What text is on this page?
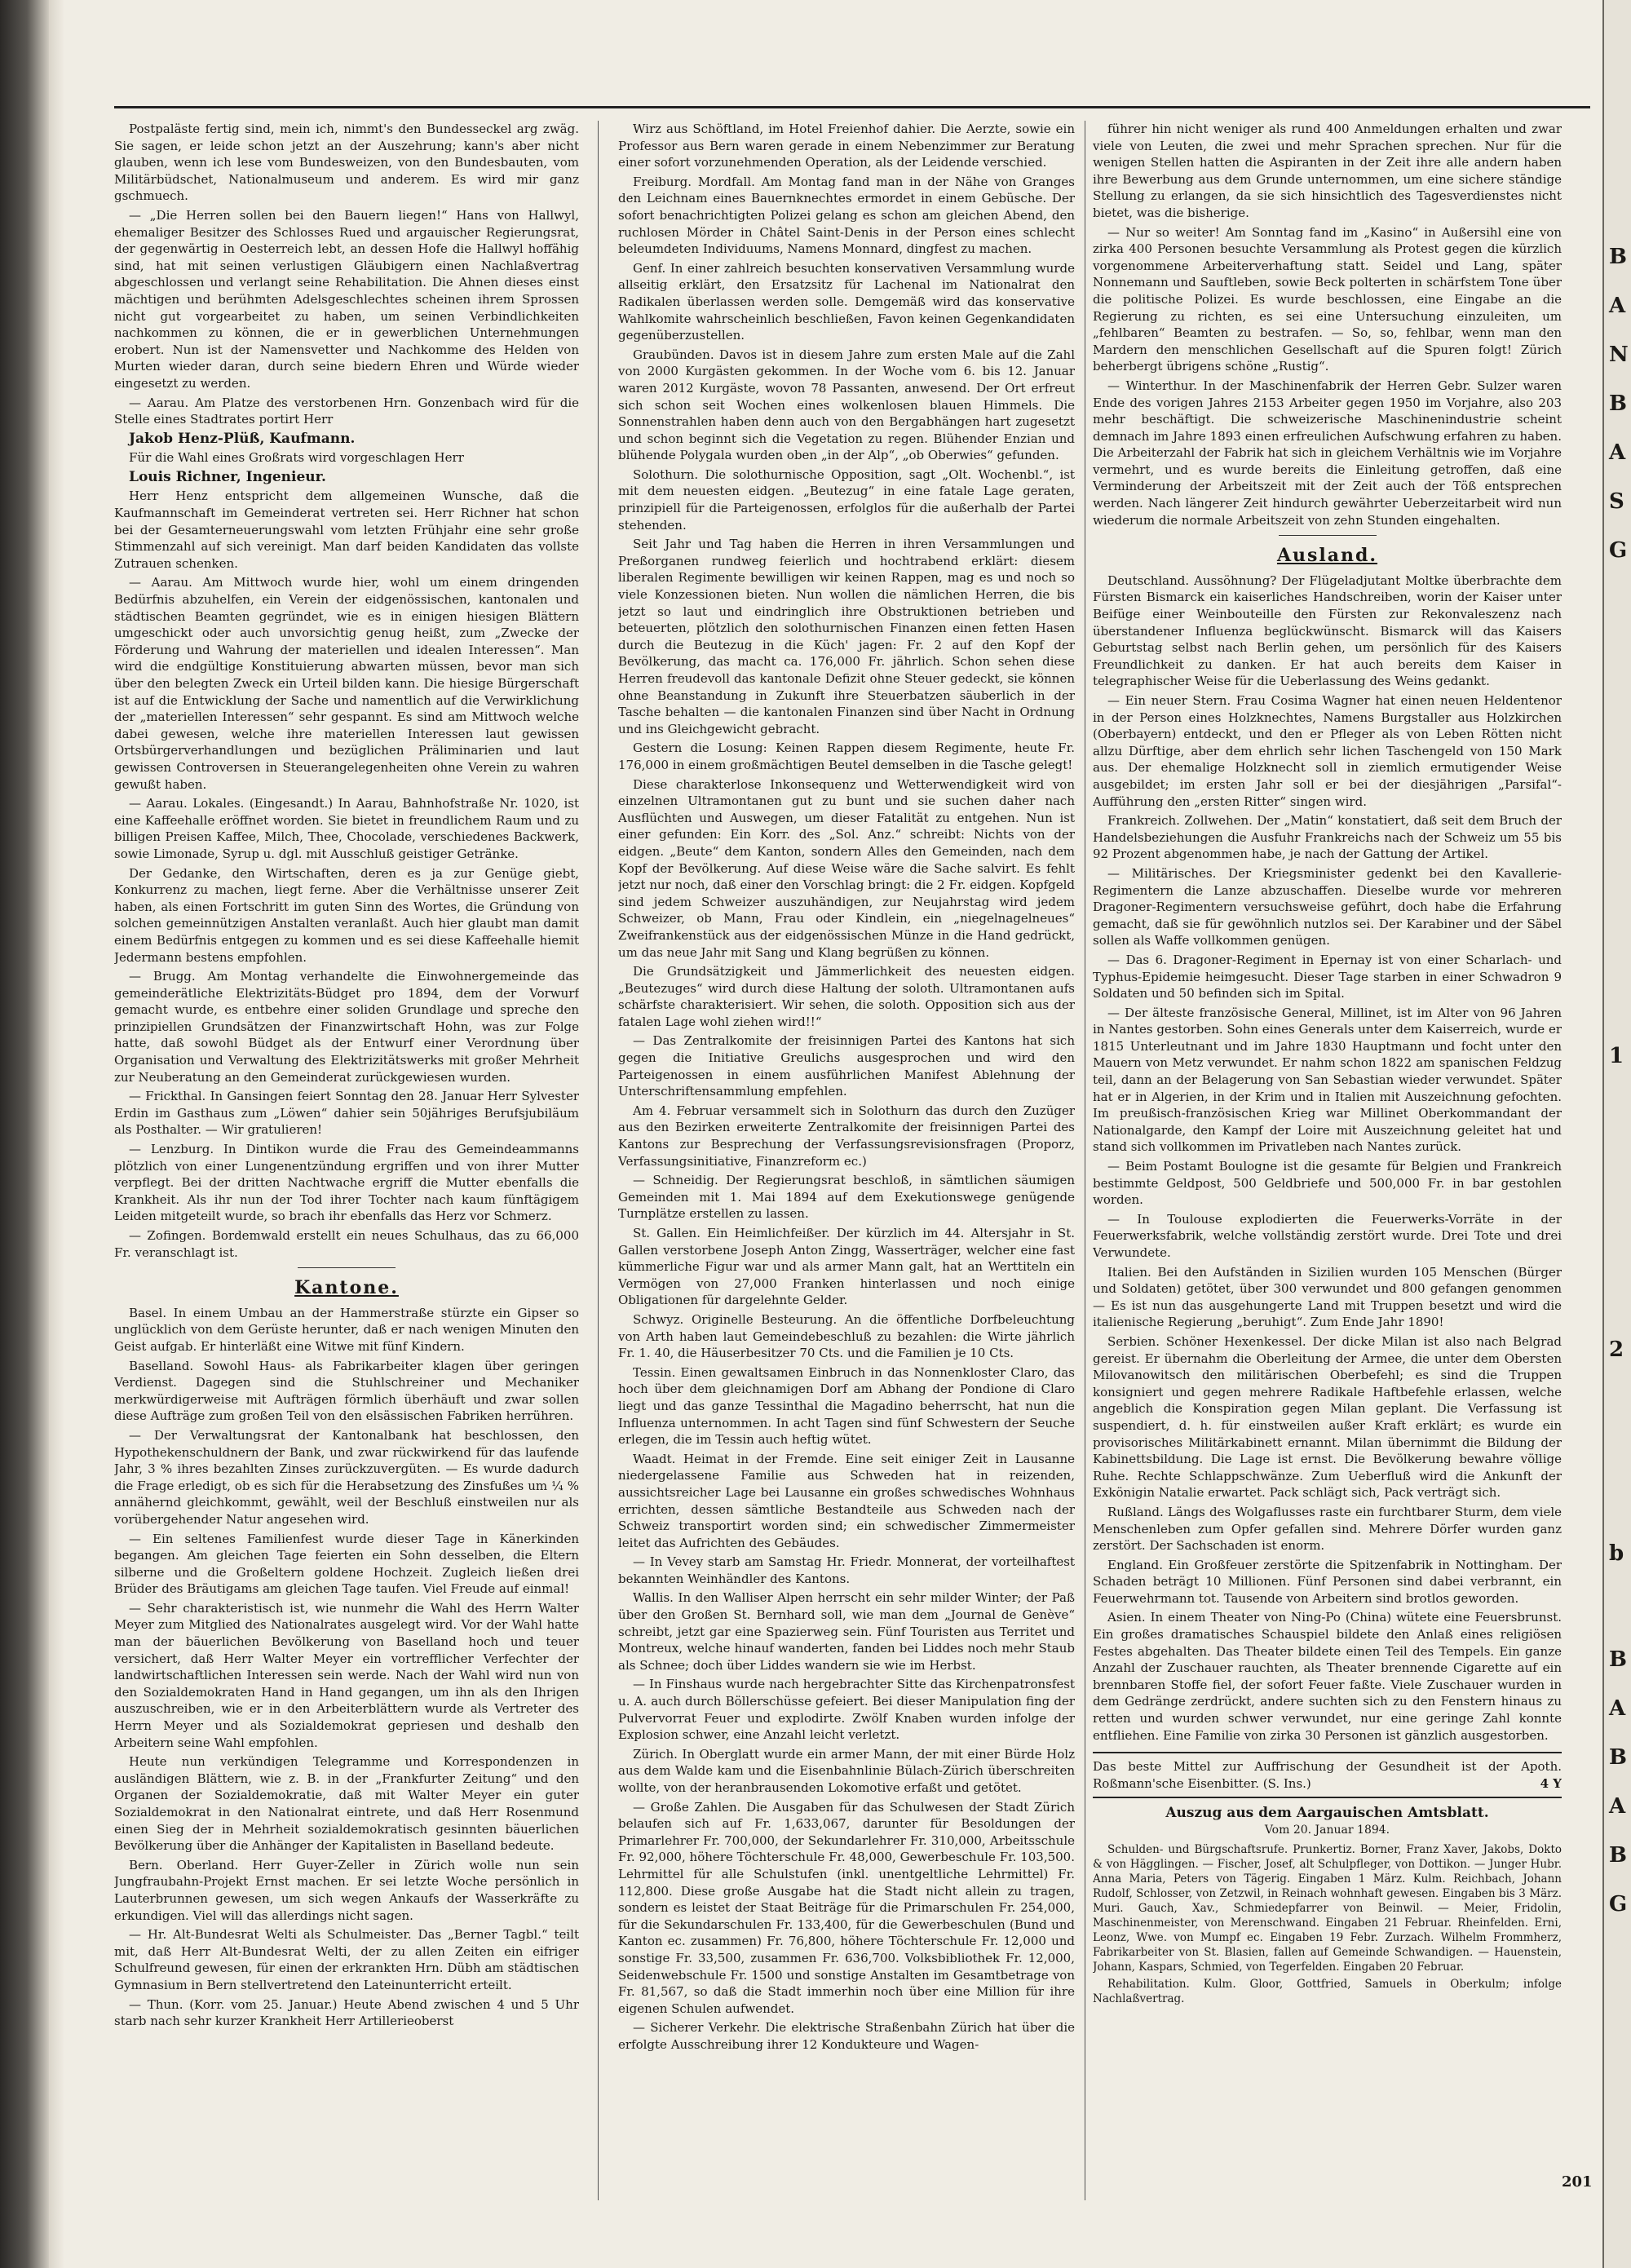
Postpaläste fertig sind, mein ich, nimmt's den Bundesseckel arg zwäg. Sie sagen, er leide schon jetzt an der Auszehrung; kann's aber nicht glauben, wenn ich lese vom Bundesweizen, von den Bundesbauten, vom Militärbüdschet, Nationalmuseum und anderem. Es wird mir ganz gschmuech.

— „Die Herren sollen bei den Bauern liegen!“ Hans von Hallwyl, ehemaliger Besitzer des Schlosses Rued und argauischer Regierungsrat, der gegenwärtig in Oesterreich lebt, an dessen Hofe die Hallwyl hoffähig sind, hat mit seinen verlustigen Gläubigern einen Nachlaßvertrag abgeschlossen und verlangt seine Rehabilitation. Die Ahnen dieses einst mächtigen und berühmten Adelsgeschlechtes scheinen ihrem Sprossen nicht gut vorgearbeitet zu haben, um seinen Verbindlichkeiten nachkommen zu können, die er in gewerblichen Unternehmungen erobert. Nun ist der Namensvetter und Nachkomme des Helden von Murten wieder daran, durch seine biedern Ehren und Würde wieder eingesetzt zu werden.

— Aarau. Am Platze des verstorbenen Hrn. Gonzenbach wird für die Stelle eines Stadtrates portirt Herr

Jakob Henz-Plüß, Kaufmann.

Für die Wahl eines Großrats wird vorgeschlagen Herr

Louis Richner, Ingenieur.

Herr Henz entspricht dem allgemeinen Wunsche, daß die Kaufmannschaft im Gemeinderat vertreten sei. Herr Richner hat schon bei der Gesamterneuerungswahl vom letzten Frühjahr eine sehr große Stimmenzahl auf sich vereinigt. Man darf beiden Kandidaten das vollste Zutrauen schenken.

— Aarau. Am Mittwoch wurde hier, wohl um einem dringenden Bedürfnis abzuhelfen, ein Verein der eidgenössischen, kantonalen und städtischen Beamten gegründet, wie es in einigen hiesigen Blättern umgeschickt oder auch unvorsichtig genug heißt, zum „Zwecke der Förderung und Wahrung der materiellen und idealen Interessen“. Man wird die endgültige Konstituierung abwarten müssen, bevor man sich über den belegten Zweck ein Urteil bilden kann. Die hiesige Bürgerschaft ist auf die Entwicklung der Sache und namentlich auf die Verwirklichung der „materiellen Interessen“ sehr gespannt. Es sind am Mittwoch welche dabei gewesen, welche ihre materiellen Interessen laut gewissen Ortsbürgerverhandlungen und bezüglichen Präliminarien und laut gewissen Controversen in Steuerangelegenheiten ohne Verein zu wahren gewußt haben.

— Aarau. Lokales. (Eingesandt.) In Aarau, Bahnhofstraße Nr. 1020, ist eine Kaffeehalle eröffnet worden. Sie bietet in freundlichem Raum und zu billigen Preisen Kaffee, Milch, Thee, Chocolade, verschiedenes Backwerk, sowie Limonade, Syrup u. dgl. mit Ausschluß geistiger Getränke.

Der Gedanke, den Wirtschaften, deren es ja zur Genüge giebt, Konkurrenz zu machen, liegt ferne. Aber die Verhältnisse unserer Zeit haben, als einen Fortschritt im guten Sinn des Wortes, die Gründung von solchen gemeinnützigen Anstalten veranlaßt. Auch hier glaubt man damit einem Bedürfnis entgegen zu kommen und es sei diese Kaffeehalle hiemit Jedermann bestens empfohlen.

— Brugg. Am Montag verhandelte die Einwohnergemeinde das gemeinderätliche Elektrizitäts-Büdget pro 1894, dem der Vorwurf gemacht wurde, es entbehre einer soliden Grundlage und spreche den prinzipiellen Grundsätzen der Finanzwirtschaft Hohn, was zur Folge hatte, daß sowohl Büdget als der Entwurf einer Verordnung über Organisation und Verwaltung des Elektrizitätswerks mit großer Mehrheit zur Neuberatung an den Gemeinderat zurückgewiesen wurden.

— Frickthal. In Gansingen feiert Sonntag den 28. Januar Herr Sylvester Erdin im Gasthaus zum „Löwen“ dahier sein 50jähriges Berufsjubiläum als Posthalter. — Wir gratulieren!

— Lenzburg. In Dintikon wurde die Frau des Gemeindeammanns plötzlich von einer Lungenentzündung ergriffen und von ihrer Mutter verpflegt. Bei der dritten Nachtwache ergriff die Mutter ebenfalls die Krankheit. Als ihr nun der Tod ihrer Tochter nach kaum fünftägigem Leiden mitgeteilt wurde, so brach ihr ebenfalls das Herz vor Schmerz.

— Zofingen. Bordemwald erstellt ein neues Schulhaus, das zu 66,000 Fr. veranschlagt ist.

Kantone.

Basel. In einem Umbau an der Hammerstraße stürzte ein Gipser so unglücklich von dem Gerüste herunter, daß er nach wenigen Minuten den Geist aufgab. Er hinterläßt eine Witwe mit fünf Kindern.

Baselland. Sowohl Haus- als Fabrikarbeiter klagen über geringen Verdienst. Dagegen sind die Stuhlschreiner und Mechaniker merkwürdigerweise mit Aufträgen förmlich überhäuft und zwar sollen diese Aufträge zum großen Teil von den elsässischen Fabriken herrühren.

— Der Verwaltungsrat der Kantonalbank hat beschlossen, den Hypothekenschuldnern der Bank, und zwar rückwirkend für das laufende Jahr, 3 % ihres bezahlten Zinses zurückzuvergüten. — Es wurde dadurch die Frage erledigt, ob es sich für die Herabsetzung des Zinsfußes um ¼ % annähernd gleichkommt, gewählt, weil der Beschluß einstweilen nur als vorübergehender Natur angesehen wird.

— Ein seltenes Familienfest wurde dieser Tage in Känerkinden begangen. Am gleichen Tage feierten ein Sohn desselben, die Eltern silberne und die Großeltern goldene Hochzeit. Zugleich ließen drei Brüder des Bräutigams am gleichen Tage taufen. Viel Freude auf einmal!

— Sehr charakteristisch ist, wie nunmehr die Wahl des Herrn Walter Meyer zum Mitglied des Nationalrates ausgelegt wird. Vor der Wahl hatte man der bäuerlichen Bevölkerung von Baselland hoch und teuer versichert, daß Herr Walter Meyer ein vortrefflicher Verfechter der landwirtschaftlichen Interessen sein werde. Nach der Wahl wird nun von den Sozialdemokraten Hand in Hand gegangen, um ihn als den Ihrigen auszuschreiben, wie er in den Arbeiterblättern wurde als Vertreter des Herrn Meyer und als Sozialdemokrat gepriesen und deshalb den Arbeitern seine Wahl empfohlen.

Heute nun verkündigen Telegramme und Korrespondenzen in ausländigen Blättern, wie z. B. in der „Frankfurter Zeitung“ und den Organen der Sozialdemokratie, daß mit Walter Meyer ein guter Sozialdemokrat in den Nationalrat eintrete, und daß Herr Rosenmund einen Sieg der in Mehrheit sozialdemokratisch gesinnten bäuerlichen Bevölkerung über die Anhänger der Kapitalisten in Baselland bedeute.

Bern. Oberland. Herr Guyer-Zeller in Zürich wolle nun sein Jungfraubahn-Projekt Ernst machen. Er sei letzte Woche persönlich in Lauterbrunnen gewesen, um sich wegen Ankaufs der Wasserkräfte zu erkundigen. Viel will das allerdings nicht sagen.

— Hr. Alt-Bundesrat Welti als Schulmeister. Das „Berner Tagbl.“ teilt mit, daß Herr Alt-Bundesrat Welti, der zu allen Zeiten ein eifriger Schulfreund gewesen, für einen der erkrankten Hrn. Dübh am städtischen Gymnasium in Bern stellvertretend den Lateinunterricht erteilt.

— Thun. (Korr. vom 25. Januar.) Heute Abend zwischen 4 und 5 Uhr starb nach sehr kurzer Krankheit Herr Artillerieoberst

Wirz aus Schöftland, im Hotel Freienhof dahier. Die Aerzte, sowie ein Professor aus Bern waren gerade in einem Nebenzimmer zur Beratung einer sofort vorzunehmenden Operation, als der Leidende verschied.

Freiburg. Mordfall. Am Montag fand man in der Nähe von Granges den Leichnam eines Bauernknechtes ermordet in einem Gebüsche. Der sofort benachrichtigten Polizei gelang es schon am gleichen Abend, den ruchlosen Mörder in Châtel Saint-Denis in der Person eines schlecht beleumdeten Individuums, Namens Monnard, dingfest zu machen.

Genf. In einer zahlreich besuchten konservativen Versammlung wurde allseitig erklärt, den Ersatzsitz für Lachenal im Nationalrat den Radikalen überlassen werden solle. Demgemäß wird das konservative Wahlkomite wahrscheinlich beschließen, Favon keinen Gegenkandidaten gegenüberzustellen.

Graubünden. Davos ist in diesem Jahre zum ersten Male auf die Zahl von 2000 Kurgästen gekommen. In der Woche vom 6. bis 12. Januar waren 2012 Kurgäste, wovon 78 Passanten, anwesend. Der Ort erfreut sich schon seit Wochen eines wolkenlosen blauen Himmels. Die Sonnenstrahlen haben denn auch von den Bergabhängen hart zugesetzt und schon beginnt sich die Vegetation zu regen. Blühender Enzian und blühende Polygala wurden oben „in der Alp“, „ob Oberwies“ gefunden.

Solothurn. Die solothurnische Opposition, sagt „Olt. Wochenbl.“, ist mit dem neuesten eidgen. „Beutezug“ in eine fatale Lage geraten, prinzipiell für die Parteigenossen, erfolglos für die außerhalb der Partei stehenden.

Seit Jahr und Tag haben die Herren in ihren Versammlungen und Preßorganen rundweg feierlich und hochtrabend erklärt: diesem liberalen Regimente bewilligen wir keinen Rappen, mag es und noch so viele Konzessionen bieten. Nun wollen die nämlichen Herren, die bis jetzt so laut und eindringlich ihre Obstruktionen betrieben und beteuerten, plötzlich den solothurnischen Finanzen einen fetten Hasen durch die Beutezug in die Küch' jagen: Fr. 2 auf den Kopf der Bevölkerung, das macht ca. 176,000 Fr. jährlich. Schon sehen diese Herren freudevoll das kantonale Defizit ohne Steuer gedeckt, sie können ohne Beanstandung in Zukunft ihre Steuerbatzen säuberlich in der Tasche behalten — die kantonalen Finanzen sind über Nacht in Ordnung und ins Gleichgewicht gebracht.

Gestern die Losung: Keinen Rappen diesem Regimente, heute Fr. 176,000 in einem großmächtigen Beutel demselben in die Tasche gelegt!

Diese charakterlose Inkonsequenz und Wetterwendigkeit wird von einzelnen Ultramontanen gut zu bunt und sie suchen daher nach Ausflüchten und Auswegen, um dieser Fatalität zu entgehen. Nun ist einer gefunden: Ein Korr. des „Sol. Anz.“ schreibt: Nichts von der eidgen. „Beute“ dem Kanton, sondern Alles den Gemeinden, nach dem Kopf der Bevölkerung. Auf diese Weise wäre die Sache salvirt. Es fehlt jetzt nur noch, daß einer den Vorschlag bringt: die 2 Fr. eidgen. Kopfgeld sind jedem Schweizer auszuhändigen, zur Neujahrstag wird jedem Schweizer, ob Mann, Frau oder Kindlein, ein „niegelnagelneues“ Zweifrankenstück aus der eidgenössischen Münze in die Hand gedrückt, um das neue Jahr mit Sang und Klang begrüßen zu können.

Die Grundsätzigkeit und Jämmerlichkeit des neuesten eidgen. „Beutezuges“ wird durch diese Haltung der soloth. Ultramontanen aufs schärfste charakterisiert. Wir sehen, die soloth. Opposition sich aus der fatalen Lage wohl ziehen wird!!“

— Das Zentralkomite der freisinnigen Partei des Kantons hat sich gegen die Initiative Greulichs ausgesprochen und wird den Parteigenossen in einem ausführlichen Manifest Ablehnung der Unterschriftensammlung empfehlen.

Am 4. Februar versammelt sich in Solothurn das durch den Zuzüger aus den Bezirken erweiterte Zentralkomite der freisinnigen Partei des Kantons zur Besprechung der Verfassungsrevisionsfragen (Proporz, Verfassungsinitiative, Finanzreform ec.)

— Schneidig. Der Regierungsrat beschloß, in sämtlichen säumigen Gemeinden mit 1. Mai 1894 auf dem Exekutionswege genügende Turnplätze erstellen zu lassen.

St. Gallen. Ein Heimlichfeißer. Der kürzlich im 44. Altersjahr in St. Gallen verstorbene Joseph Anton Zingg, Wasserträger, welcher eine fast kümmerliche Figur war und als armer Mann galt, hat an Werttiteln ein Vermögen von 27,000 Franken hinterlassen und noch einige Obligationen für dargelehnte Gelder.

Schwyz. Originelle Besteurung. An die öffentliche Dorfbeleuchtung von Arth haben laut Gemeindebeschluß zu bezahlen: die Wirte jährlich Fr. 1. 40, die Häuserbesitzer 70 Cts. und die Familien je 10 Cts.

Tessin. Einen gewaltsamen Einbruch in das Nonnenkloster Claro, das hoch über dem gleichnamigen Dorf am Abhang der Pondione di Claro liegt und das ganze Tessinthal die Magadino beherrscht, hat nun die Influenza unternommen. In acht Tagen sind fünf Schwestern der Seuche erlegen, die im Tessin auch heftig wütet.

Waadt. Heimat in der Fremde. Eine seit einiger Zeit in Lausanne niedergelassene Familie aus Schweden hat in reizenden, aussichtsreicher Lage bei Lausanne ein großes schwedisches Wohnhaus errichten, dessen sämtliche Bestandteile aus Schweden nach der Schweiz transportirt worden sind; ein schwedischer Zimmermeister leitet das Aufrichten des Gebäudes.

— In Vevey starb am Samstag Hr. Friedr. Monnerat, der vorteilhaftest bekannten Weinhändler des Kantons.

Wallis. In den Walliser Alpen herrscht ein sehr milder Winter; der Paß über den Großen St. Bernhard soll, wie man dem „Journal de Genève“ schreibt, jetzt gar eine Spazierweg sein. Fünf Touristen aus Territet und Montreux, welche hinauf wanderten, fanden bei Liddes noch mehr Staub als Schnee; doch über Liddes wandern sie wie im Herbst.

— In Finshaus wurde nach hergebrachter Sitte das Kirchenpatronsfest u. A. auch durch Böllerschüsse gefeiert. Bei dieser Manipulation fing der Pulvervorrat Feuer und explodirte. Zwölf Knaben wurden infolge der Explosion schwer, eine Anzahl leicht verletzt.

Zürich. In Oberglatt wurde ein armer Mann, der mit einer Bürde Holz aus dem Walde kam und die Eisenbahnlinie Bülach-Zürich überschreiten wollte, von der heranbrausenden Lokomotive erfaßt und getötet.

— Große Zahlen. Die Ausgaben für das Schulwesen der Stadt Zürich belaufen sich auf Fr. 1,633,067, darunter für Besoldungen der Primarlehrer Fr. 700,000, der Sekundarlehrer Fr. 310,000, Arbeitsschule Fr. 92,000, höhere Töchterschule Fr. 48,000, Gewerbeschule Fr. 103,500. Lehrmittel für alle Schulstufen (inkl. unentgeltliche Lehrmittel) Fr. 112,800. Diese große Ausgabe hat die Stadt nicht allein zu tragen, sondern es leistet der Staat Beiträge für die Primarschulen Fr. 254,000, für die Sekundarschulen Fr. 133,400, für die Gewerbeschulen (Bund und Kanton ec. zusammen) Fr. 76,800, höhere Töchterschule Fr. 12,000 und sonstige Fr. 33,500, zusammen Fr. 636,700. Volksbibliothek Fr. 12,000, Seidenwebschule Fr. 1500 und sonstige Anstalten im Gesamtbetrage von Fr. 81,567, so daß die Stadt immerhin noch über eine Million für ihre eigenen Schulen aufwendet.

— Sicherer Verkehr. Die elektrische Straßenbahn Zürich hat über die erfolgte Ausschreibung ihrer 12 Kondukteure und Wagen-

führer hin nicht weniger als rund 400 Anmeldungen erhalten und zwar viele von Leuten, die zwei und mehr Sprachen sprechen. Nur für die wenigen Stellen hatten die Aspiranten in der Zeit ihre alle andern haben ihre Bewerbung aus dem Grunde unternommen, um eine sichere ständige Stellung zu erlangen, da sie sich hinsichtlich des Tagesverdienstes nicht bietet, was die bisherige.

— Nur so weiter! Am Sonntag fand im „Kasino“ in Außersihl eine von zirka 400 Personen besuchte Versammlung als Protest gegen die kürzlich vorgenommene Arbeiterverhaftung statt. Seidel und Lang, später Nonnemann und Sauftleben, sowie Beck polterten in schärfstem Tone über die politische Polizei. Es wurde beschlossen, eine Eingabe an die Regierung zu richten, es sei eine Untersuchung einzuleiten, um „fehlbaren“ Beamten zu bestrafen. — So, so, fehlbar, wenn man den Mardern den menschlichen Gesellschaft auf die Spuren folgt! Zürich beherbergt übrigens schöne „Rustig“.

— Winterthur. In der Maschinenfabrik der Herren Gebr. Sulzer waren Ende des vorigen Jahres 2153 Arbeiter gegen 1950 im Vorjahre, also 203 mehr beschäftigt. Die schweizerische Maschinenindustrie scheint demnach im Jahre 1893 einen erfreulichen Aufschwung erfahren zu haben. Die Arbeiterzahl der Fabrik hat sich in gleichem Verhältnis wie im Vorjahre vermehrt, und es wurde bereits die Einleitung getroffen, daß eine Verminderung der Arbeitszeit mit der Zeit auch der Töß entsprechen werden. Nach längerer Zeit hindurch gewährter Ueberzeitarbeit wird nun wiederum die normale Arbeitszeit von zehn Stunden eingehalten.

Ausland.

Deutschland. Aussöhnung? Der Flügeladjutant Moltke überbrachte dem Fürsten Bismarck ein kaiserliches Handschreiben, worin der Kaiser unter Beifüge einer Weinbouteille den Fürsten zur Rekonvaleszenz nach überstandener Influenza beglückwünscht. Bismarck will das Kaisers Geburtstag selbst nach Berlin gehen, um persönlich für des Kaisers Freundlichkeit zu danken. Er hat auch bereits dem Kaiser in telegraphischer Weise für die Ueberlassung des Weins gedankt.

— Ein neuer Stern. Frau Cosima Wagner hat einen neuen Heldentenor in der Person eines Holzknechtes, Namens Burgstaller aus Holzkirchen (Oberbayern) entdeckt, und den er Pfleger als von Leben Rötten nicht allzu Dürftige, aber dem ehrlich sehr lichen Taschengeld von 150 Mark aus. Der ehemalige Holzknecht soll in ziemlich ermutigender Weise ausgebildet; im ersten Jahr soll er bei der diesjährigen „Parsifal“-Aufführung den „ersten Ritter“ singen wird.

Frankreich. Zollwehen. Der „Matin“ konstatiert, daß seit dem Bruch der Handelsbeziehungen die Ausfuhr Frankreichs nach der Schweiz um 55 bis 92 Prozent abgenommen habe, je nach der Gattung der Artikel.

— Militärisches. Der Kriegsminister gedenkt bei den Kavallerie-Regimentern die Lanze abzuschaffen. Dieselbe wurde vor mehreren Dragoner-Regimentern versuchsweise geführt, doch habe die Erfahrung gemacht, daß sie für gewöhnlich nutzlos sei. Der Karabiner und der Säbel sollen als Waffe vollkommen genügen.

— Das 6. Dragoner-Regiment in Epernay ist von einer Scharlach- und Typhus-Epidemie heimgesucht. Dieser Tage starben in einer Schwadron 9 Soldaten und 50 befinden sich im Spital.

— Der älteste französische General, Millinet, ist im Alter von 96 Jahren in Nantes gestorben. Sohn eines Generals unter dem Kaiserreich, wurde er 1815 Unterleutnant und im Jahre 1830 Hauptmann und focht unter den Mauern von Metz verwundet. Er nahm schon 1822 am spanischen Feldzug teil, dann an der Belagerung von San Sebastian wieder verwundet. Später hat er in Algerien, in der Krim und in Italien mit Auszeichnung gefochten. Im preußisch-französischen Krieg war Millinet Oberkommandant der Nationalgarde, den Kampf der Loire mit Auszeichnung geleitet hat und stand sich vollkommen im Privatleben nach Nantes zurück.

— Beim Postamt Boulogne ist die gesamte für Belgien und Frankreich bestimmte Geldpost, 500 Geldbriefe und 500,000 Fr. in bar gestohlen worden.

— In Toulouse explodierten die Feuerwerks-Vorräte in der Feuerwerksfabrik, welche vollständig zerstört wurde. Drei Tote und drei Verwundete.

Italien. Bei den Aufständen in Sizilien wurden 105 Menschen (Bürger und Soldaten) getötet, über 300 verwundet und 800 gefangen genommen — Es ist nun das ausgehungerte Land mit Truppen besetzt und wird die italienische Regierung „beruhigt“. Zum Ende Jahr 1890!

Serbien. Schöner Hexenkessel. Der dicke Milan ist also nach Belgrad gereist. Er übernahm die Oberleitung der Armee, die unter dem Obersten Milovanowitsch den militärischen Oberbefehl; es sind die Truppen konsigniert und gegen mehrere Radikale Haftbefehle erlassen, welche angeblich die Konspiration gegen Milan geplant. Die Verfassung ist suspendiert, d. h. für einstweilen außer Kraft erklärt; es wurde ein provisorisches Militärkabinett ernannt. Milan übernimmt die Bildung der Kabinettsbildung. Die Lage ist ernst. Die Bevölkerung bewahre völlige Ruhe. Rechte Schlappschwänze. Zum Ueberfluß wird die Ankunft der Exkönigin Natalie erwartet. Pack schlägt sich, Pack verträgt sich.

Rußland. Längs des Wolgaflusses raste ein furchtbarer Sturm, dem viele Menschenleben zum Opfer gefallen sind. Mehrere Dörfer wurden ganz zerstört. Der Sachschaden ist enorm.

England. Ein Großfeuer zerstörte die Spitzenfabrik in Nottingham. Der Schaden beträgt 10 Millionen. Fünf Personen sind dabei verbrannt, ein Feuerwehrmann tot. Tausende von Arbeitern sind brotlos geworden.

Asien. In einem Theater von Ning-Po (China) wütete eine Feuersbrunst. Ein großes dramatisches Schauspiel bildete den Anlaß eines religiösen Festes abgehalten. Das Theater bildete einen Teil des Tempels. Ein ganze Anzahl der Zuschauer rauchten, als Theater brennende Cigarette auf ein brennbaren Stoffe fiel, der sofort Feuer faßte. Viele Zuschauer wurden in dem Gedränge zerdrückt, andere suchten sich zu den Fenstern hinaus zu retten und wurden schwer verwundet, nur eine geringe Zahl konnte entfliehen. Eine Familie von zirka 30 Personen ist gänzlich ausgestorben.

Das beste Mittel zur Auffrischung der Gesundheit ist der Apoth. Roßmann'sche Eisenbitter. (S. Ins.)	4 Y
Auszug aus dem Aargauischen Amtsblatt.
Vom 20. Januar 1894.

Schulden- und Bürgschaftsrufe. Prunkertiz. Borner, Franz Xaver, Jakobs, Dokto & von Hägglingen. — Fischer, Josef, alt Schulpfleger, von Dottikon. — Junger Hubr. Anna Maria, Peters von Tägerig. Eingaben 1 März. Kulm. Reichbach, Johann Rudolf, Schlosser, von Zetzwil, in Reinach wohnhaft gewesen. Eingaben bis 3 März. Muri. Gauch, Xav., Schmiedepfarrer von Beinwil. — Meier, Fridolin, Maschinenmeister, von Merenschwand. Eingaben 21 Februar. Rheinfelden. Erni, Leonz, Wwe. von Mumpf ec. Eingaben 19 Febr. Zurzach. Wilhelm Frommherz, Fabrikarbeiter von St. Blasien, fallen auf Gemeinde Schwandigen. — Hauenstein, Johann, Kaspars, Schmied, von Tegerfelden. Eingaben 20 Februar.

Rehabilitation. Kulm. Gloor, Gottfried, Samuels in Oberkulm; infolge Nachlaßvertrag.

B
A
N
B
A
S
G
1
2
b
B
A
B
A
B
G
201
